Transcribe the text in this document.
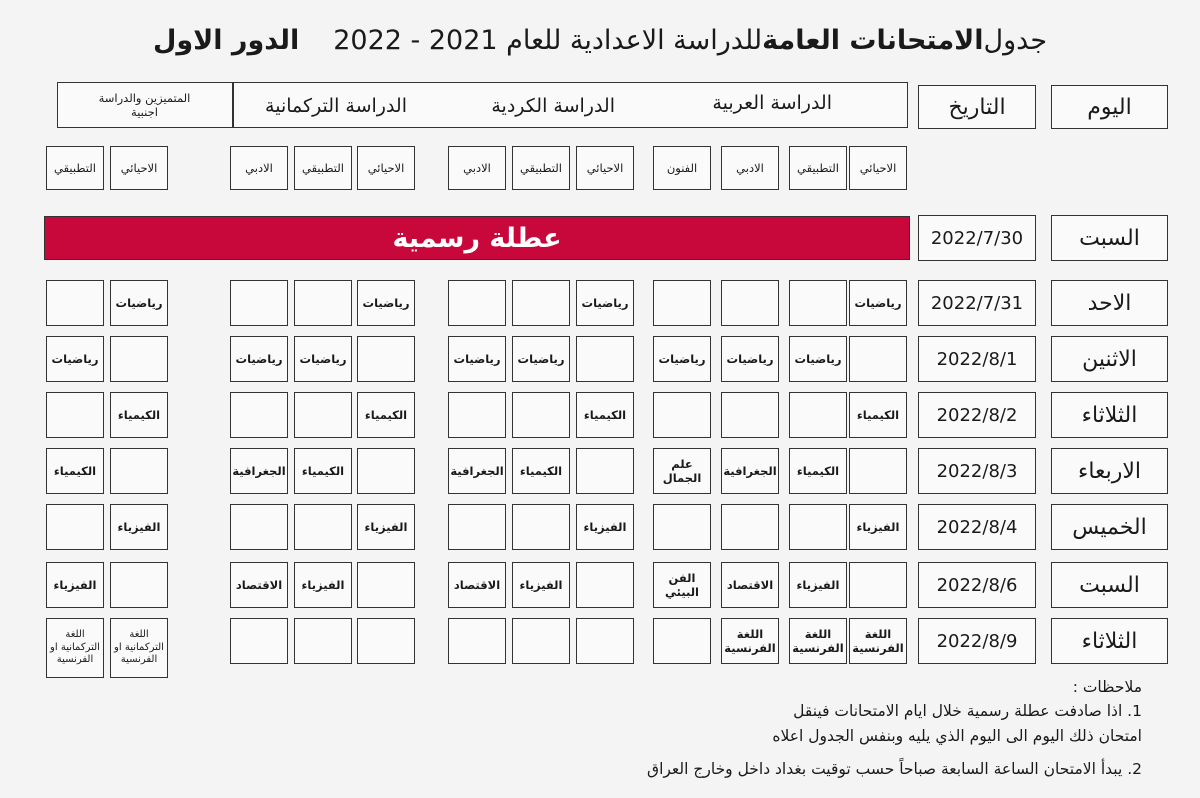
جدول
الامتحانات العامة
للدراسة الاعدادية للعام 2021 - 2022
الدور الاول
اليوم
التاريخ
الدراسة العربية
الدراسة الكردية
الدراسة التركمانية
المتميزين والدراسة اجنبية
الاحيائي
التطبيقي
الادبي
الفنون
الاحيائي
التطبيقي
الادبي
الاحيائي
التطبيقي
الادبي
الاحيائي
التطبيقي
السبت
2022/7/30
عطلة رسمية
الاحد
2022/7/31
رياضيات
رياضيات
رياضيات
رياضيات
الاثنين
2022/8/1
رياضيات
رياضيات
رياضيات
رياضيات
رياضيات
رياضيات
رياضيات
رياضيات
الثلاثاء
2022/8/2
الكيمياء
الكيمياء
الكيمياء
الكيمياء
الاربعاء
2022/8/3
الكيمياء
الجغرافية
علم الجمال
الكيمياء
الجغرافية
الكيمياء
الجغرافية
الكيمياء
الخميس
2022/8/4
الفيزياء
الفيزياء
الفيزياء
الفيزياء
السبت
2022/8/6
الفيزياء
الاقتصاد
الفن البيئي
الفيزياء
الاقتصاد
الفيزياء
الاقتصاد
الفيزياء
الثلاثاء
2022/8/9
اللغة الفرنسية
اللغة الفرنسية
اللغة الفرنسية
اللغة التركمانية او الفرنسية
اللغة التركمانية او الفرنسية
ملاحظات :
1. اذا صادفت عطلة رسمية خلال ايام الامتحانات فينقل
امتحان ذلك اليوم الى اليوم الذي يليه وبنفس الجدول اعلاه
2. يبدأ الامتحان الساعة السابعة صباحاً حسب توقيت بغداد داخل وخارج العراق
